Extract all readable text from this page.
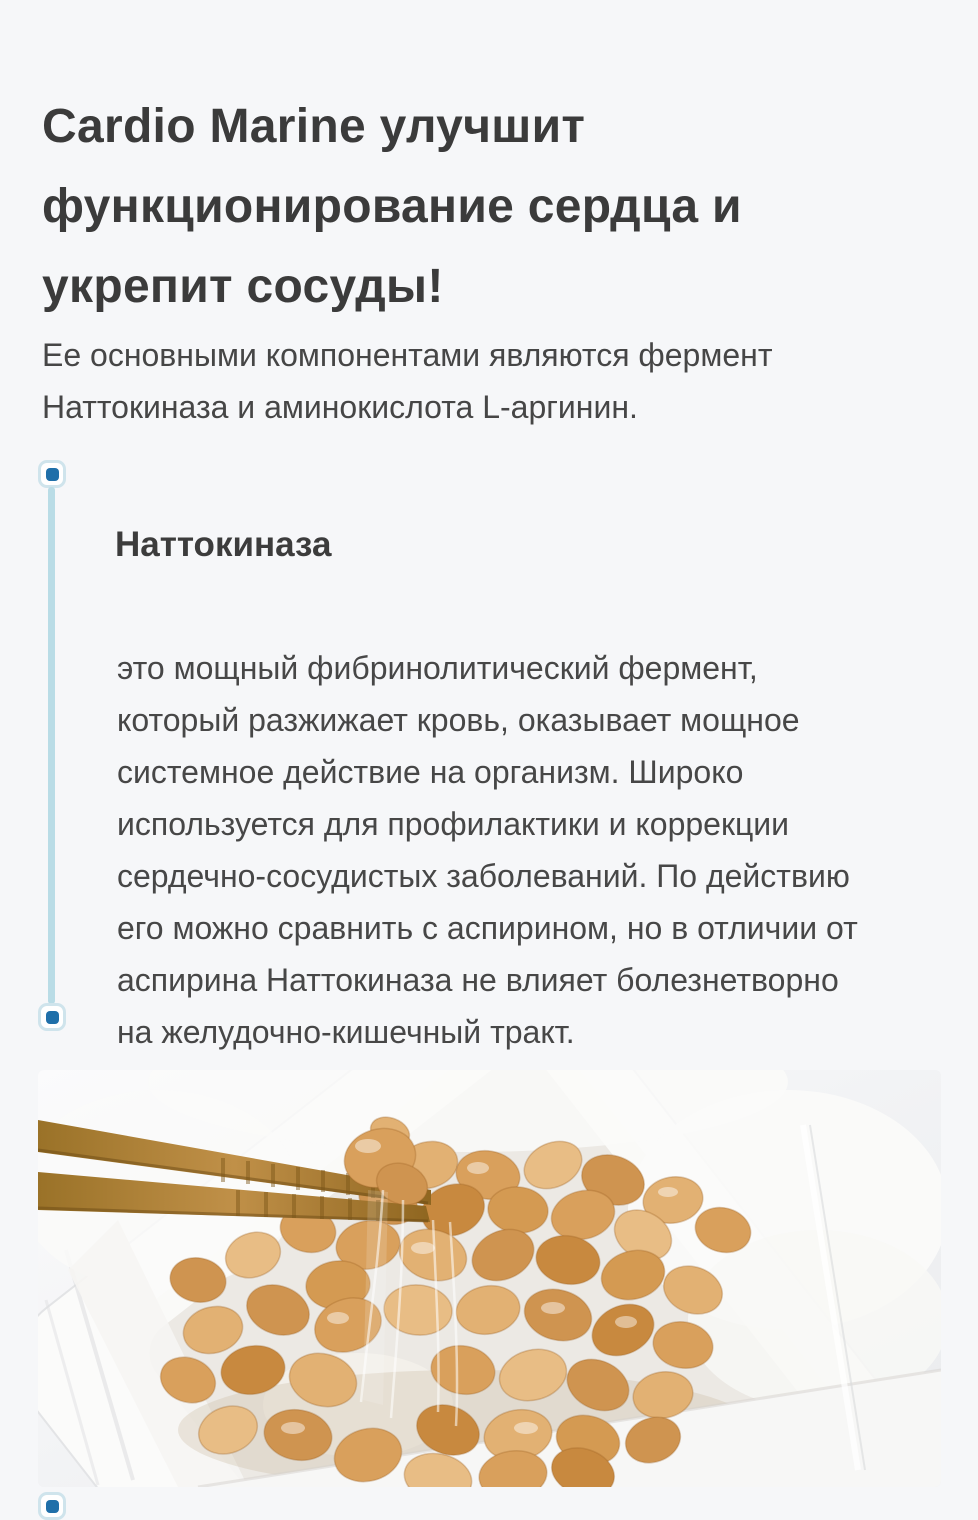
Cardio Marine улучшит
функционирование сердца и
укрепит сосуды!

Ее основными компонентами являются фермент
Наттокиназа и аминокислота L-аргинин.

Наттокиназа

это мощный фибринолитический фермент,
который разжижает кровь, оказывает мощное
системное действие на организм. Широко
используется для профилактики и коррекции
сердечно-сосудистых заболеваний. По действию
его можно сравнить с аспирином, но в отличии от
аспирина Наттокиназа не влияет болезнетворно
на желудочно-кишечный тракт.
